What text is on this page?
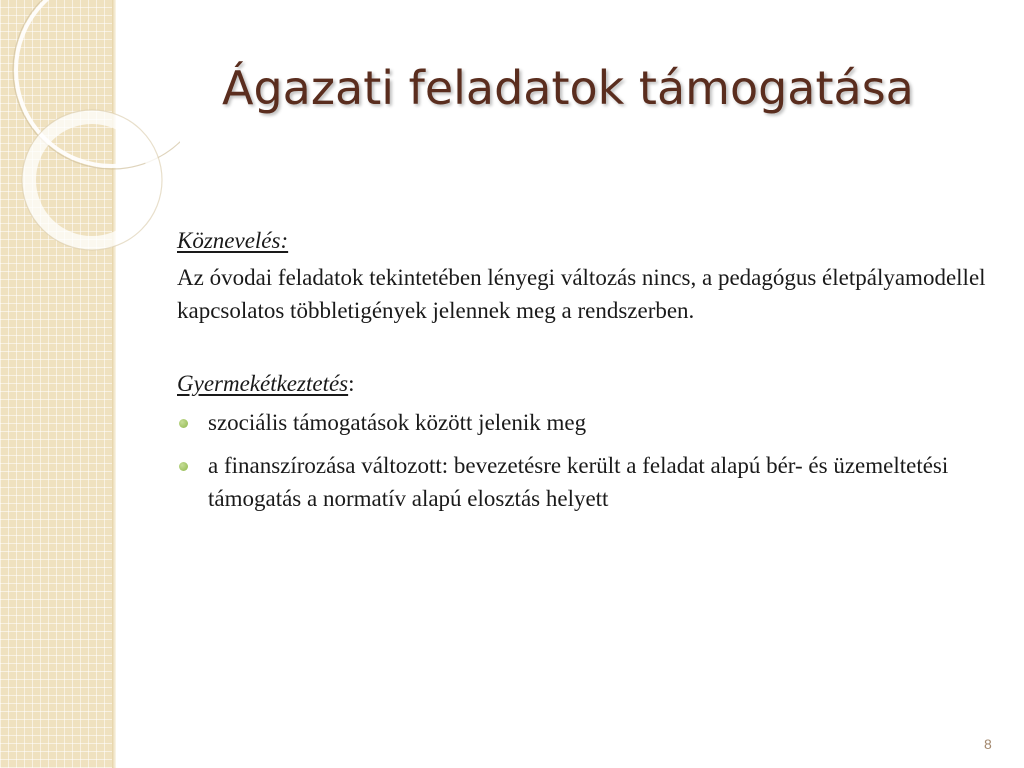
Ágazati feladatok támogatása

Köznevelés:

Az óvodai feladatok tekintetében lényegi változás nincs, a pedagógus életpályamodellel kapcsolatos többletigények jelennek meg a rendszerben.

Gyermekétkeztetés:

szociális támogatások között jelenik meg
a finanszírozása változott: bevezetésre került a feladat alapú bér- és üzemeltetési támogatás a normatív alapú elosztás helyett
8
